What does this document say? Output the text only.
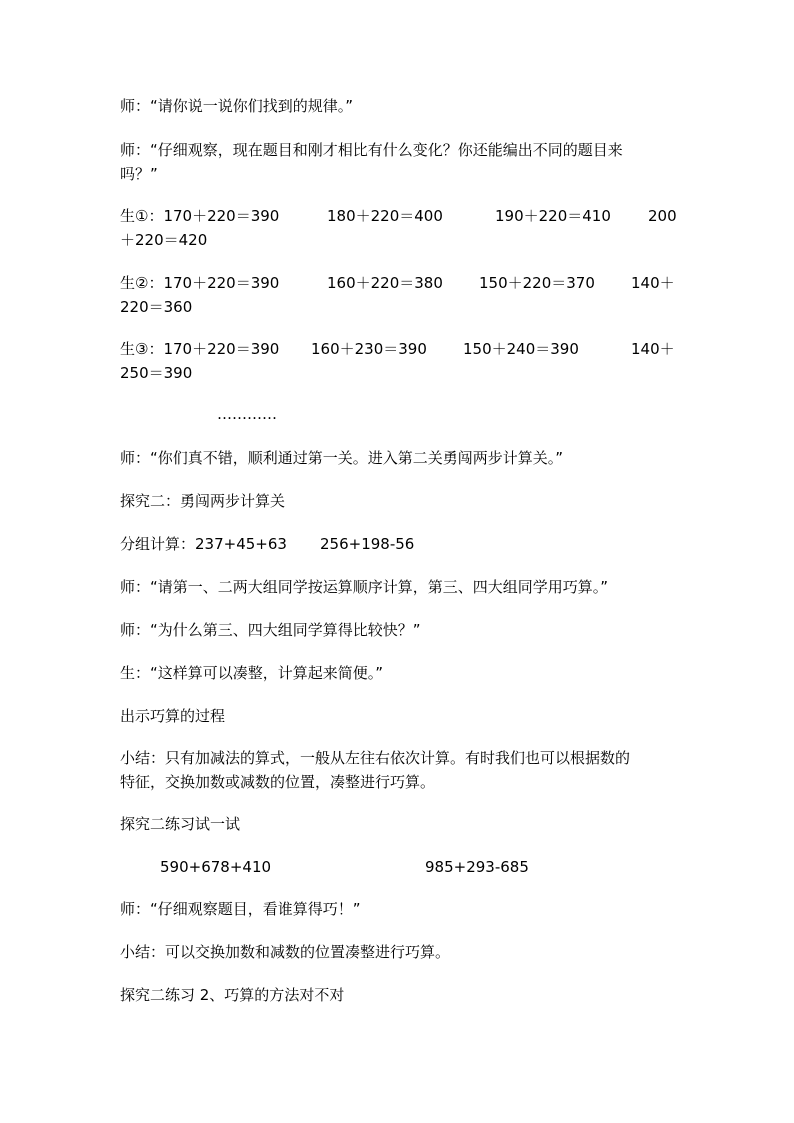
师：“请你说一说你们找到的规律。”
师：“仔细观察，现在题目和刚才相比有什么变化？你还能编出不同的题目来
吗？”
生①：170＋220＝390	180＋220＝400	190＋220＝410 200
＋220＝420
生②：170＋220＝390	160＋220＝380 150＋220＝370 140＋
220＝360
生③：170＋220＝390 160＋230＝390 150＋240＝390	140＋
250＝390
…………
师：“你们真不错，顺利通过第一关。进入第二关勇闯两步计算关。”
探究二：勇闯两步计算关
分组计算：237+45+63 256+198-56
师：“请第一、二两大组同学按运算顺序计算，第三、四大组同学用巧算。”
师：“为什么第三、四大组同学算得比较快？”
生：“这样算可以凑整，计算起来简便。”
出示巧算的过程
小结：只有加减法的算式，一般从左往右依次计算。有时我们也可以根据数的
特征，交换加数或减数的位置，凑整进行巧算。
探究二练习试一试
590+678+410	985+293-685
师：“仔细观察题目，看谁算得巧！”
小结：可以交换加数和减数的位置凑整进行巧算。
探究二练习 2、巧算的方法对不对
